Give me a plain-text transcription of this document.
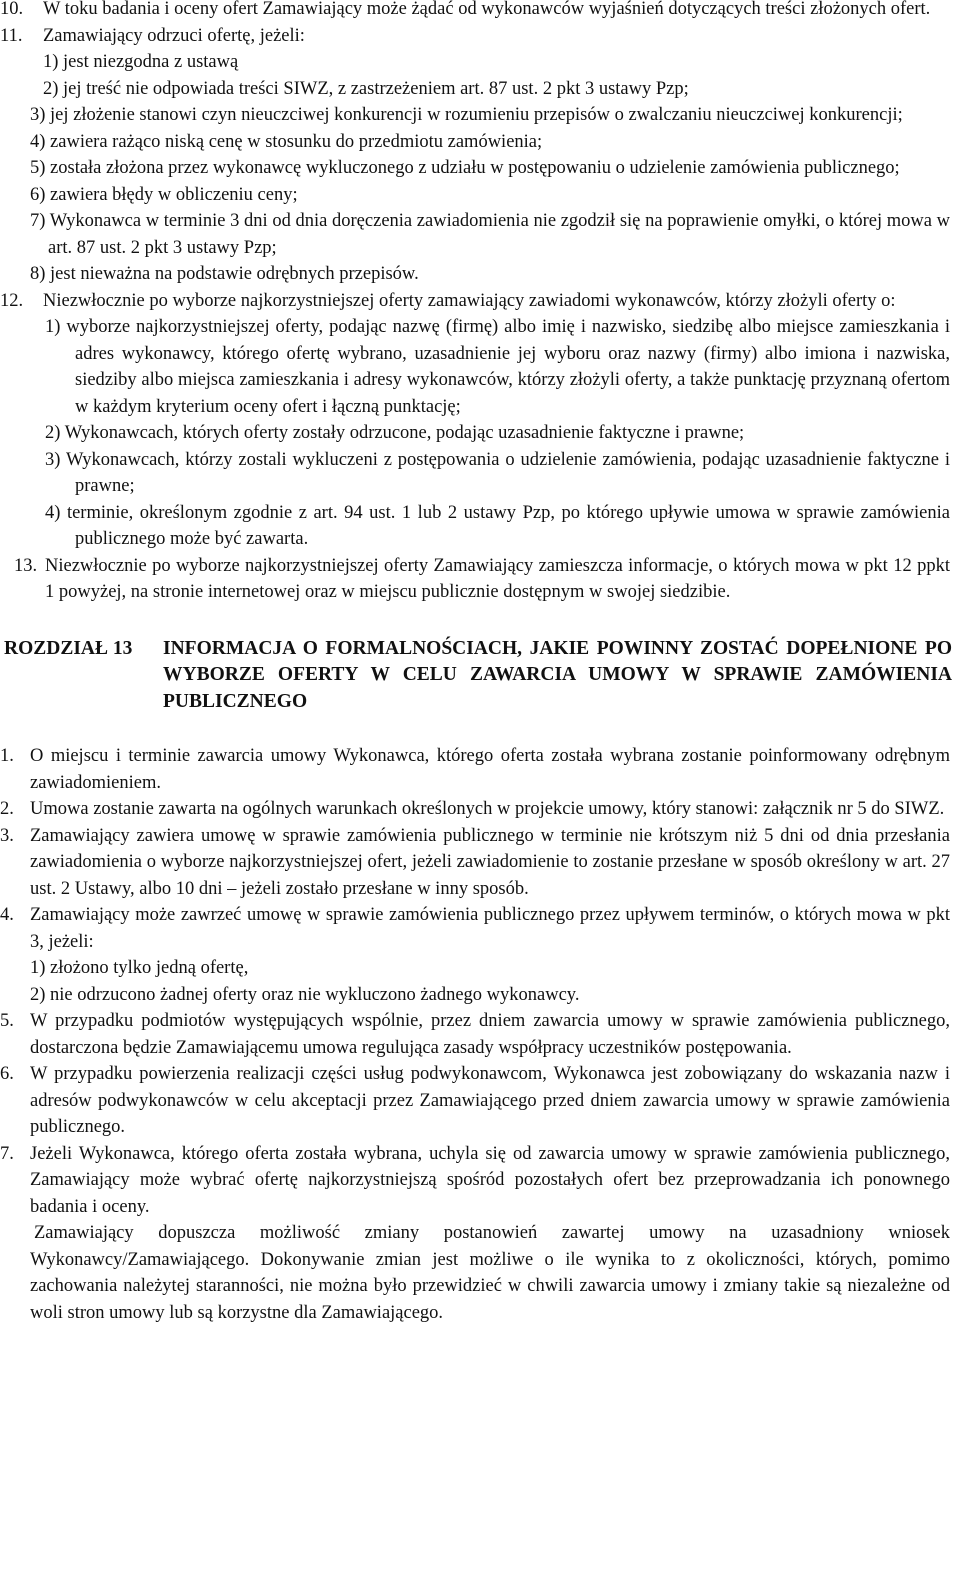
10. W toku badania i oceny ofert Zamawiający może żądać od wykonawców wyjaśnień dotyczących treści złożonych ofert.
11. Zamawiający odrzuci ofertę, jeżeli:
1) jest niezgodna z ustawą
2) jej treść nie odpowiada treści SIWZ, z zastrzeżeniem art. 87 ust. 2 pkt 3 ustawy Pzp;
3) jej złożenie stanowi czyn nieuczciwej konkurencji w rozumieniu przepisów o zwalczaniu nieuczciwej konkurencji;
4) zawiera rażąco niską cenę w stosunku do przedmiotu zamówienia;
5) została złożona przez wykonawcę wykluczonego z udziału w postępowaniu o udzielenie zamówienia publicznego;
6) zawiera błędy w obliczeniu ceny;
7) Wykonawca w terminie 3 dni od dnia doręczenia zawiadomienia nie zgodził się na poprawienie omyłki, o której mowa w art. 87 ust. 2 pkt 3 ustawy Pzp;
8) jest nieważna na podstawie odrębnych przepisów.
12. Niezwłocznie po wyborze najkorzystniejszej oferty zamawiający zawiadomi wykonawców, którzy złożyli oferty o:
1) wyborze najkorzystniejszej oferty, podając nazwę (firmę) albo imię i nazwisko, siedzibę albo miejsce zamieszkania i adres wykonawcy, którego ofertę wybrano, uzasadnienie jej wyboru oraz nazwy (firmy) albo imiona i nazwiska, siedziby albo miejsca zamieszkania i adresy wykonawców, którzy złożyli oferty, a także punktację przyznaną ofertom w każdym kryterium oceny ofert i łączną punktację;
2) Wykonawcach, których oferty zostały odrzucone, podając uzasadnienie faktyczne i prawne;
3) Wykonawcach, którzy zostali wykluczeni z postępowania o udzielenie zamówienia, podając uzasadnienie faktyczne i prawne;
4) terminie, określonym zgodnie z art. 94 ust. 1 lub 2 ustawy Pzp, po którego upływie umowa w sprawie zamówienia publicznego może być zawarta.
13. Niezwłocznie po wyborze najkorzystniejszej oferty Zamawiający zamieszcza informacje, o których mowa w pkt 12 ppkt 1 powyżej, na stronie internetowej oraz w miejscu publicznie dostępnym w swojej siedzibie.
ROZDZIAŁ 13 INFORMACJA O FORMALNOŚCIACH, JAKIE POWINNY ZOSTAĆ DOPEŁNIONE PO WYBORZE OFERTY W CELU ZAWARCIA UMOWY W SPRAWIE ZAMÓWIENIA PUBLICZNEGO
1. O miejscu i terminie zawarcia umowy Wykonawca, którego oferta została wybrana zostanie poinformowany odrębnym zawiadomieniem.
2. Umowa zostanie zawarta na ogólnych warunkach określonych w projekcie umowy, który stanowi: załącznik nr 5 do SIWZ.
3. Zamawiający zawiera umowę w sprawie zamówienia publicznego w terminie nie krótszym niż 5 dni od dnia przesłania zawiadomienia o wyborze najkorzystniejszej ofert, jeżeli zawiadomienie to zostanie przesłane w sposób określony w art. 27 ust. 2 Ustawy, albo 10 dni – jeżeli zostało przesłane w inny sposób.
4. Zamawiający może zawrzeć umowę w sprawie zamówienia publicznego przez upływem terminów, o których mowa w pkt 3, jeżeli:
1) złożono tylko jedną ofertę,
2) nie odrzucono żadnej oferty oraz nie wykluczono żadnego wykonawcy.
5. W przypadku podmiotów występujących wspólnie, przez dniem zawarcia umowy w sprawie zamówienia publicznego, dostarczona będzie Zamawiającemu umowa regulująca zasady współpracy uczestników postępowania.
6. W przypadku powierzenia realizacji części usług podwykonawcom, Wykonawca jest zobowiązany do wskazania nazw i adresów podwykonawców w celu akceptacji przez Zamawiającego przed dniem zawarcia umowy w sprawie zamówienia publicznego.
7. Jeżeli Wykonawca, którego oferta została wybrana, uchyla się od zawarcia umowy w sprawie zamówienia publicznego, Zamawiający może wybrać ofertę najkorzystniejszą spośród pozostałych ofert bez przeprowadzania ich ponownego badania i oceny.
Zamawiający dopuszcza możliwość zmiany postanowień zawartej umowy na uzasadniony wniosek Wykonawcy/Zamawiającego. Dokonywanie zmian jest możliwe o ile wynika to z okoliczności, których, pomimo zachowania należytej staranności, nie można było przewidzieć w chwili zawarcia umowy i zmiany takie są niezależne od woli stron umowy lub są korzystne dla Zamawiającego.
